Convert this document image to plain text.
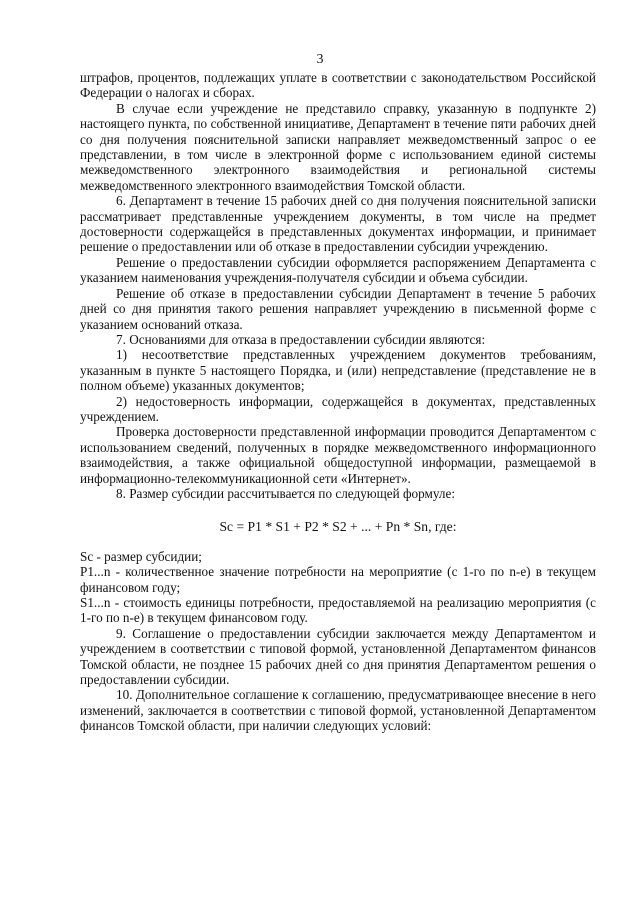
3

штрафов, процентов, подлежащих уплате в соответствии с законодательством Российской Федерации о налогах и сборах.

В случае если учреждение не представило справку, указанную в подпункте 2) настоящего пункта, по собственной инициативе, Департамент в течение пяти рабочих дней со дня получения пояснительной записки направляет межведомственный запрос о ее представлении, в том числе в электронной форме с использованием единой системы межведомственного электронного взаимодействия и региональной системы межведомственного электронного взаимодействия Томской области.

6. Департамент в течение 15 рабочих дней со дня получения пояснительной записки рассматривает представленные учреждением документы, в том числе на предмет достоверности содержащейся в представленных документах информации, и принимает решение о предоставлении или об отказе в предоставлении субсидии учреждению.

Решение о предоставлении субсидии оформляется распоряжением Департамента с указанием наименования учреждения-получателя субсидии и объема субсидии.

Решение об отказе в предоставлении субсидии Департамент в течение 5 рабочих дней со дня принятия такого решения направляет учреждению в письменной форме с указанием оснований отказа.

7. Основаниями для отказа в предоставлении субсидии являются:

1) несоответствие представленных учреждением документов требованиям, указанным в пункте 5 настоящего Порядка, и (или) непредставление (представление не в полном объеме) указанных документов;

2) недостоверность информации, содержащейся в документах, представленных учреждением.

Проверка достоверности представленной информации проводится Департаментом с использованием сведений, полученных в порядке межведомственного информационного взаимодействия, а также официальной общедоступной информации, размещаемой в информационно-телекоммуникационной сети «Интернет».

8. Размер субсидии рассчитывается по следующей формуле:

Sc = P1 * S1 + P2 * S2 + ... + Pn * Sn, где:

Sc - размер субсидии;

P1...n - количественное значение потребности на мероприятие (с 1-го по n-е) в текущем финансовом году;

S1...n - стоимость единицы потребности, предоставляемой на реализацию мероприятия (с 1-го по n-е) в текущем финансовом году.

9. Соглашение о предоставлении субсидии заключается между Департаментом и учреждением в соответствии с типовой формой, установленной Департаментом финансов Томской области, не позднее 15 рабочих дней со дня принятия Департаментом решения о предоставлении субсидии.

10. Дополнительное соглашение к соглашению, предусматривающее внесение в него изменений, заключается в соответствии с типовой формой, установленной Департаментом финансов Томской области, при наличии следующих условий:
